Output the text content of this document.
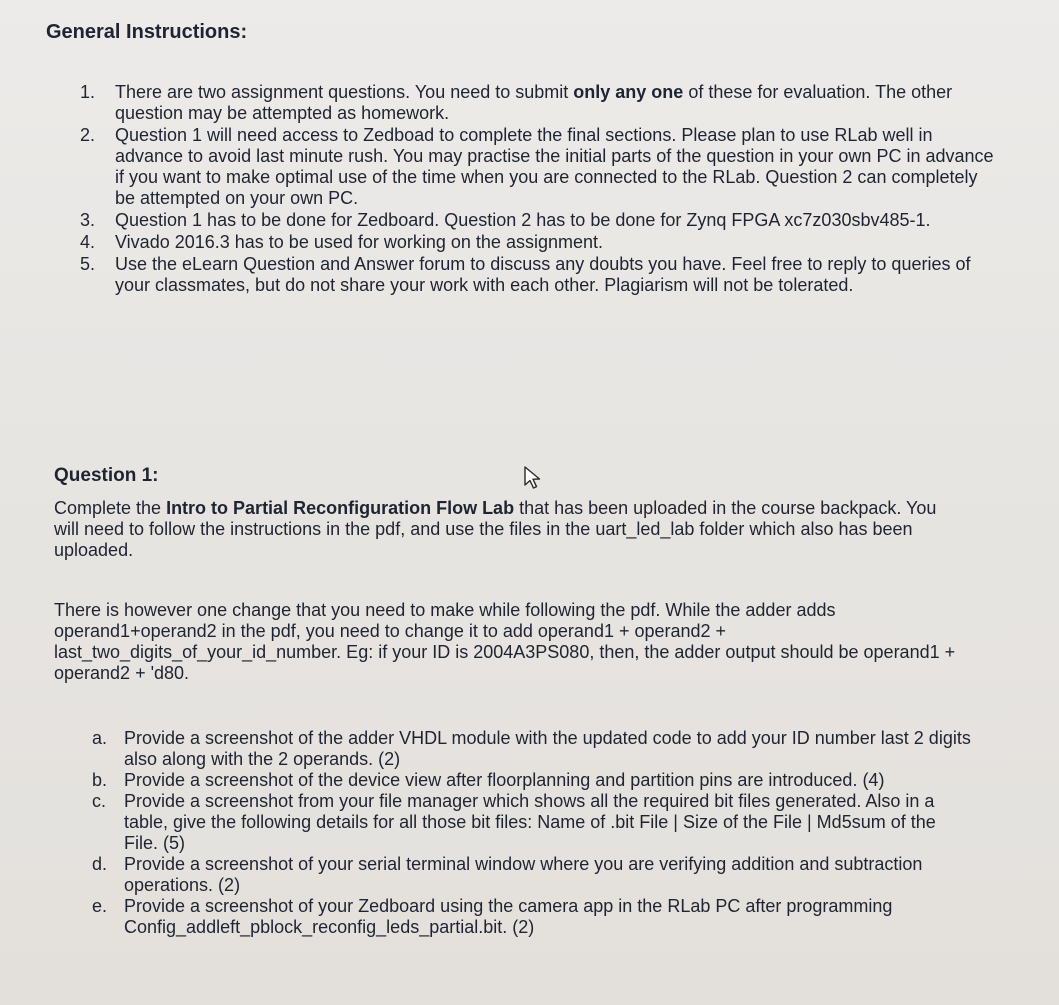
General Instructions:
1. There are two assignment questions. You need to submit only any one of these for evaluation. The other question may be attempted as homework.
2. Question 1 will need access to Zedboad to complete the final sections. Please plan to use RLab well in advance to avoid last minute rush. You may practise the initial parts of the question in your own PC in advance if you want to make optimal use of the time when you are connected to the RLab. Question 2 can completely be attempted on your own PC.
3. Question 1 has to be done for Zedboard. Question 2 has to be done for Zynq FPGA xc7z030sbv485-1.
4. Vivado 2016.3 has to be used for working on the assignment.
5. Use the eLearn Question and Answer forum to discuss any doubts you have. Feel free to reply to queries of your classmates, but do not share your work with each other. Plagiarism will not be tolerated.
Question 1:

Complete the Intro to Partial Reconfiguration Flow Lab that has been uploaded in the course backpack. You will need to follow the instructions in the pdf, and use the files in the uart_led_lab folder which also has been uploaded.

There is however one change that you need to make while following the pdf. While the adder adds operand1+operand2 in the pdf, you need to change it to add operand1 + operand2 + last_two_digits_of_your_id_number. Eg: if your ID is 2004A3PS080, then, the adder output should be operand1 + operand2 + 'd80.

a. Provide a screenshot of the adder VHDL module with the updated code to add your ID number last 2 digits also along with the 2 operands. (2)
b. Provide a screenshot of the device view after floorplanning and partition pins are introduced. (4)
c. Provide a screenshot from your file manager which shows all the required bit files generated. Also in a table, give the following details for all those bit files: Name of .bit File | Size of the File | Md5sum of the File. (5)
d. Provide a screenshot of your serial terminal window where you are verifying addition and subtraction operations. (2)
e. Provide a screenshot of your Zedboard using the camera app in the RLab PC after programming Config_addleft_pblock_reconfig_leds_partial.bit. (2)
